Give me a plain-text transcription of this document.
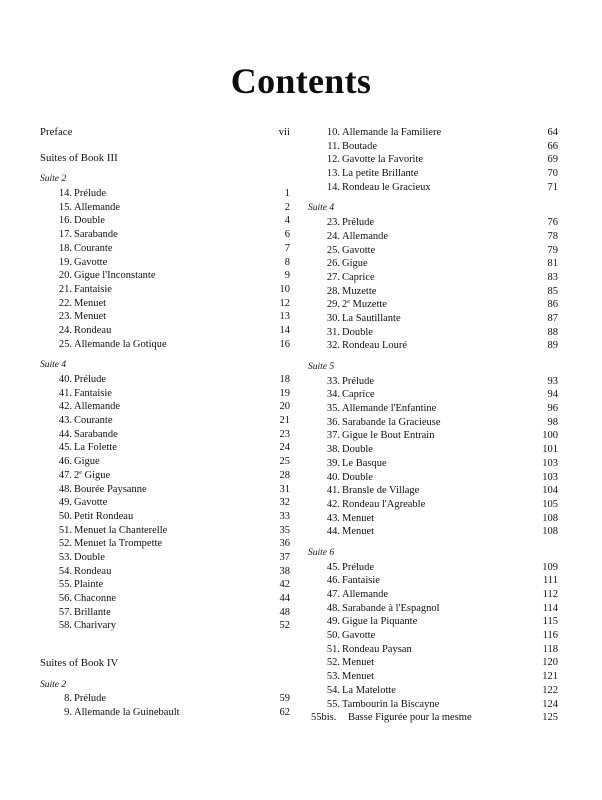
Contents
Preface	vii
Suites of Book III
Suite 2
14. Prélude	1
15. Allemande	2
16. Double	4
17. Sarabande	6
18. Courante	7
19. Gavotte	8
20. Gigue l'Inconstante	9
21. Fantaisie	10
22. Menuet	12
23. Menuet	13
24. Rondeau	14
25. Allemande la Gotique	16
Suite 4
40. Prélude	18
41. Fantaisie	19
42. Allemande	20
43. Courante	21
44. Sarabande	23
45. La Folette	24
46. Gigue	25
47. 2e Gigue	28
48. Bourée Paysanne	31
49. Gavotte	32
50. Petit Rondeau	33
51. Menuet la Chanterelle	35
52. Menuet la Trompette	36
53. Double	37
54. Rondeau	38
55. Plainte	42
56. Chaconne	44
57. Brillante	48
58. Charivary	52
Suites of Book IV
Suite 2
8. Prélude	59
9. Allemande la Guinebault	62
10. Allemande la Familiere	64
11. Boutade	66
12. Gavotte la Favorite	69
13. La petite Brillante	70
14. Rondeau le Gracieux	71
Suite 4
23. Prélude	76
24. Allemande	78
25. Gavotte	79
26. Gigue	81
27. Caprice	83
28. Muzette	85
29. 2e Muzette	86
30. La Sautillante	87
31. Double	88
32. Rondeau Louré	89
Suite 5
33. Prélude	93
34. Caprice	94
35. Allemande l'Enfantine	96
36. Sarabande la Gracieuse	98
37. Gigue le Bout Entrain	100
38. Double	101
39. Le Basque	103
40. Double	103
41. Bransle de Village	104
42. Rondeau l'Agreable	105
43. Menuet	108
44. Menuet	108
Suite 6
45. Prélude	109
46. Fantaisie	111
47. Allemande	112
48. Sarabande à l'Espagnol	114
49. Gigue la Piquante	115
50. Gavotte	116
51. Rondeau Paysan	118
52. Menuet	120
53. Menuet	121
54. La Matelotte	122
55. Tambourin la Biscayne	124
55bis. Basse Figurée pour la mesme	125
